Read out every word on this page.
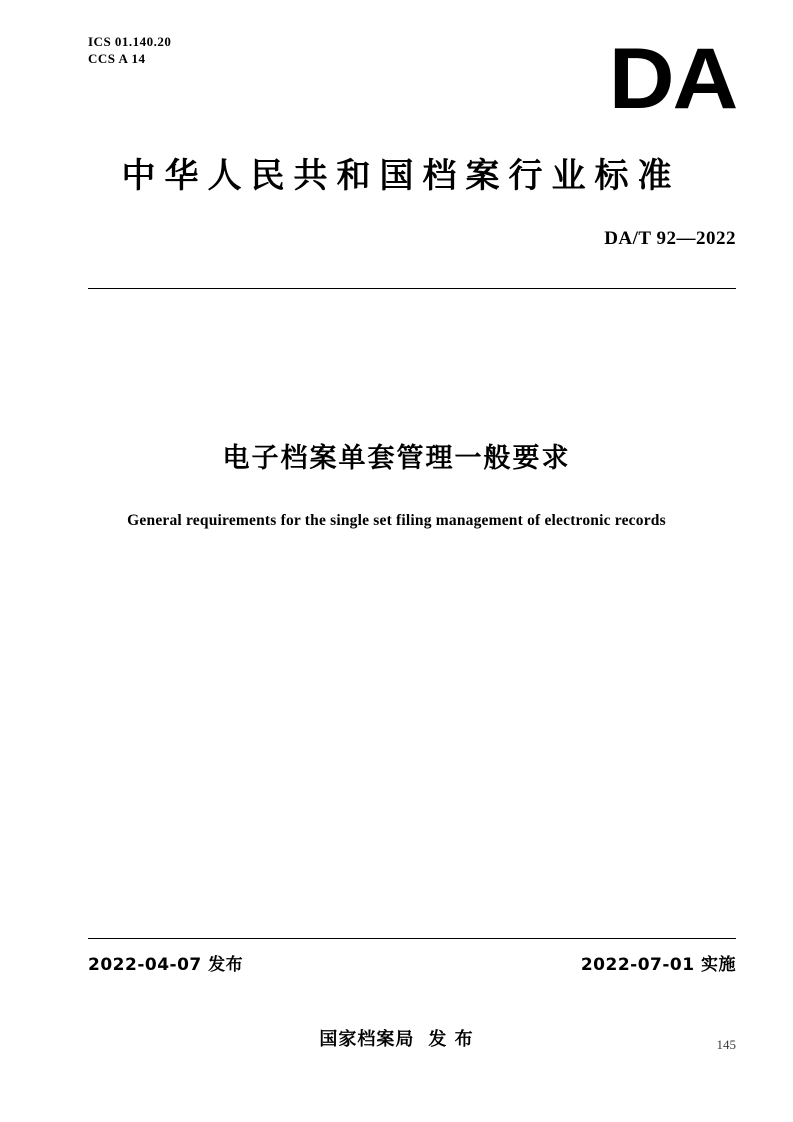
ICS 01.140.20
CCS A 14	DA
中华人民共和国档案行业标准
DA/T 92—2022
电子档案单套管理一般要求
General requirements for the single set filing management of electronic records
2022-04-07 发布	2022-07-01 实施
国家档案局 发 布	145
